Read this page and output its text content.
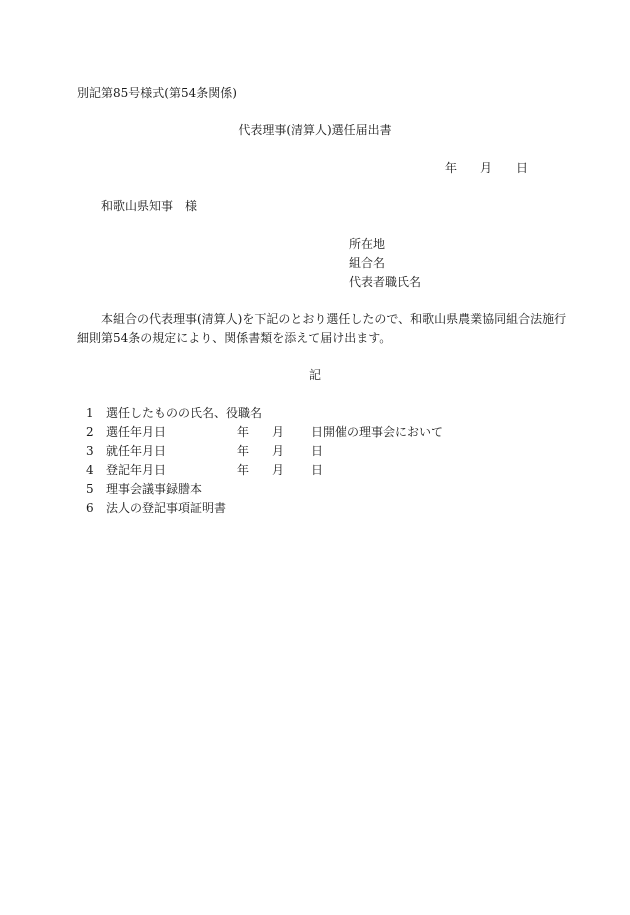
別記第85号様式(第54条関係)
代表理事(清算人)選任届出書
年 月 日
和歌山県知事　様
所在地
組合名
代表者職氏名
本組合の代表理事(清算人)を下記のとおり選任したので、和歌山県農業協同組合法施行細則第54条の規定により、関係書類を添えて届け出ます。
記
1 選任したものの氏名、役職名
2 選任年月日	年 月 日開催の理事会において
3 就任年月日	年 月 日
4 登記年月日	年 月 日
5 理事会議事録謄本
6 法人の登記事項証明書
